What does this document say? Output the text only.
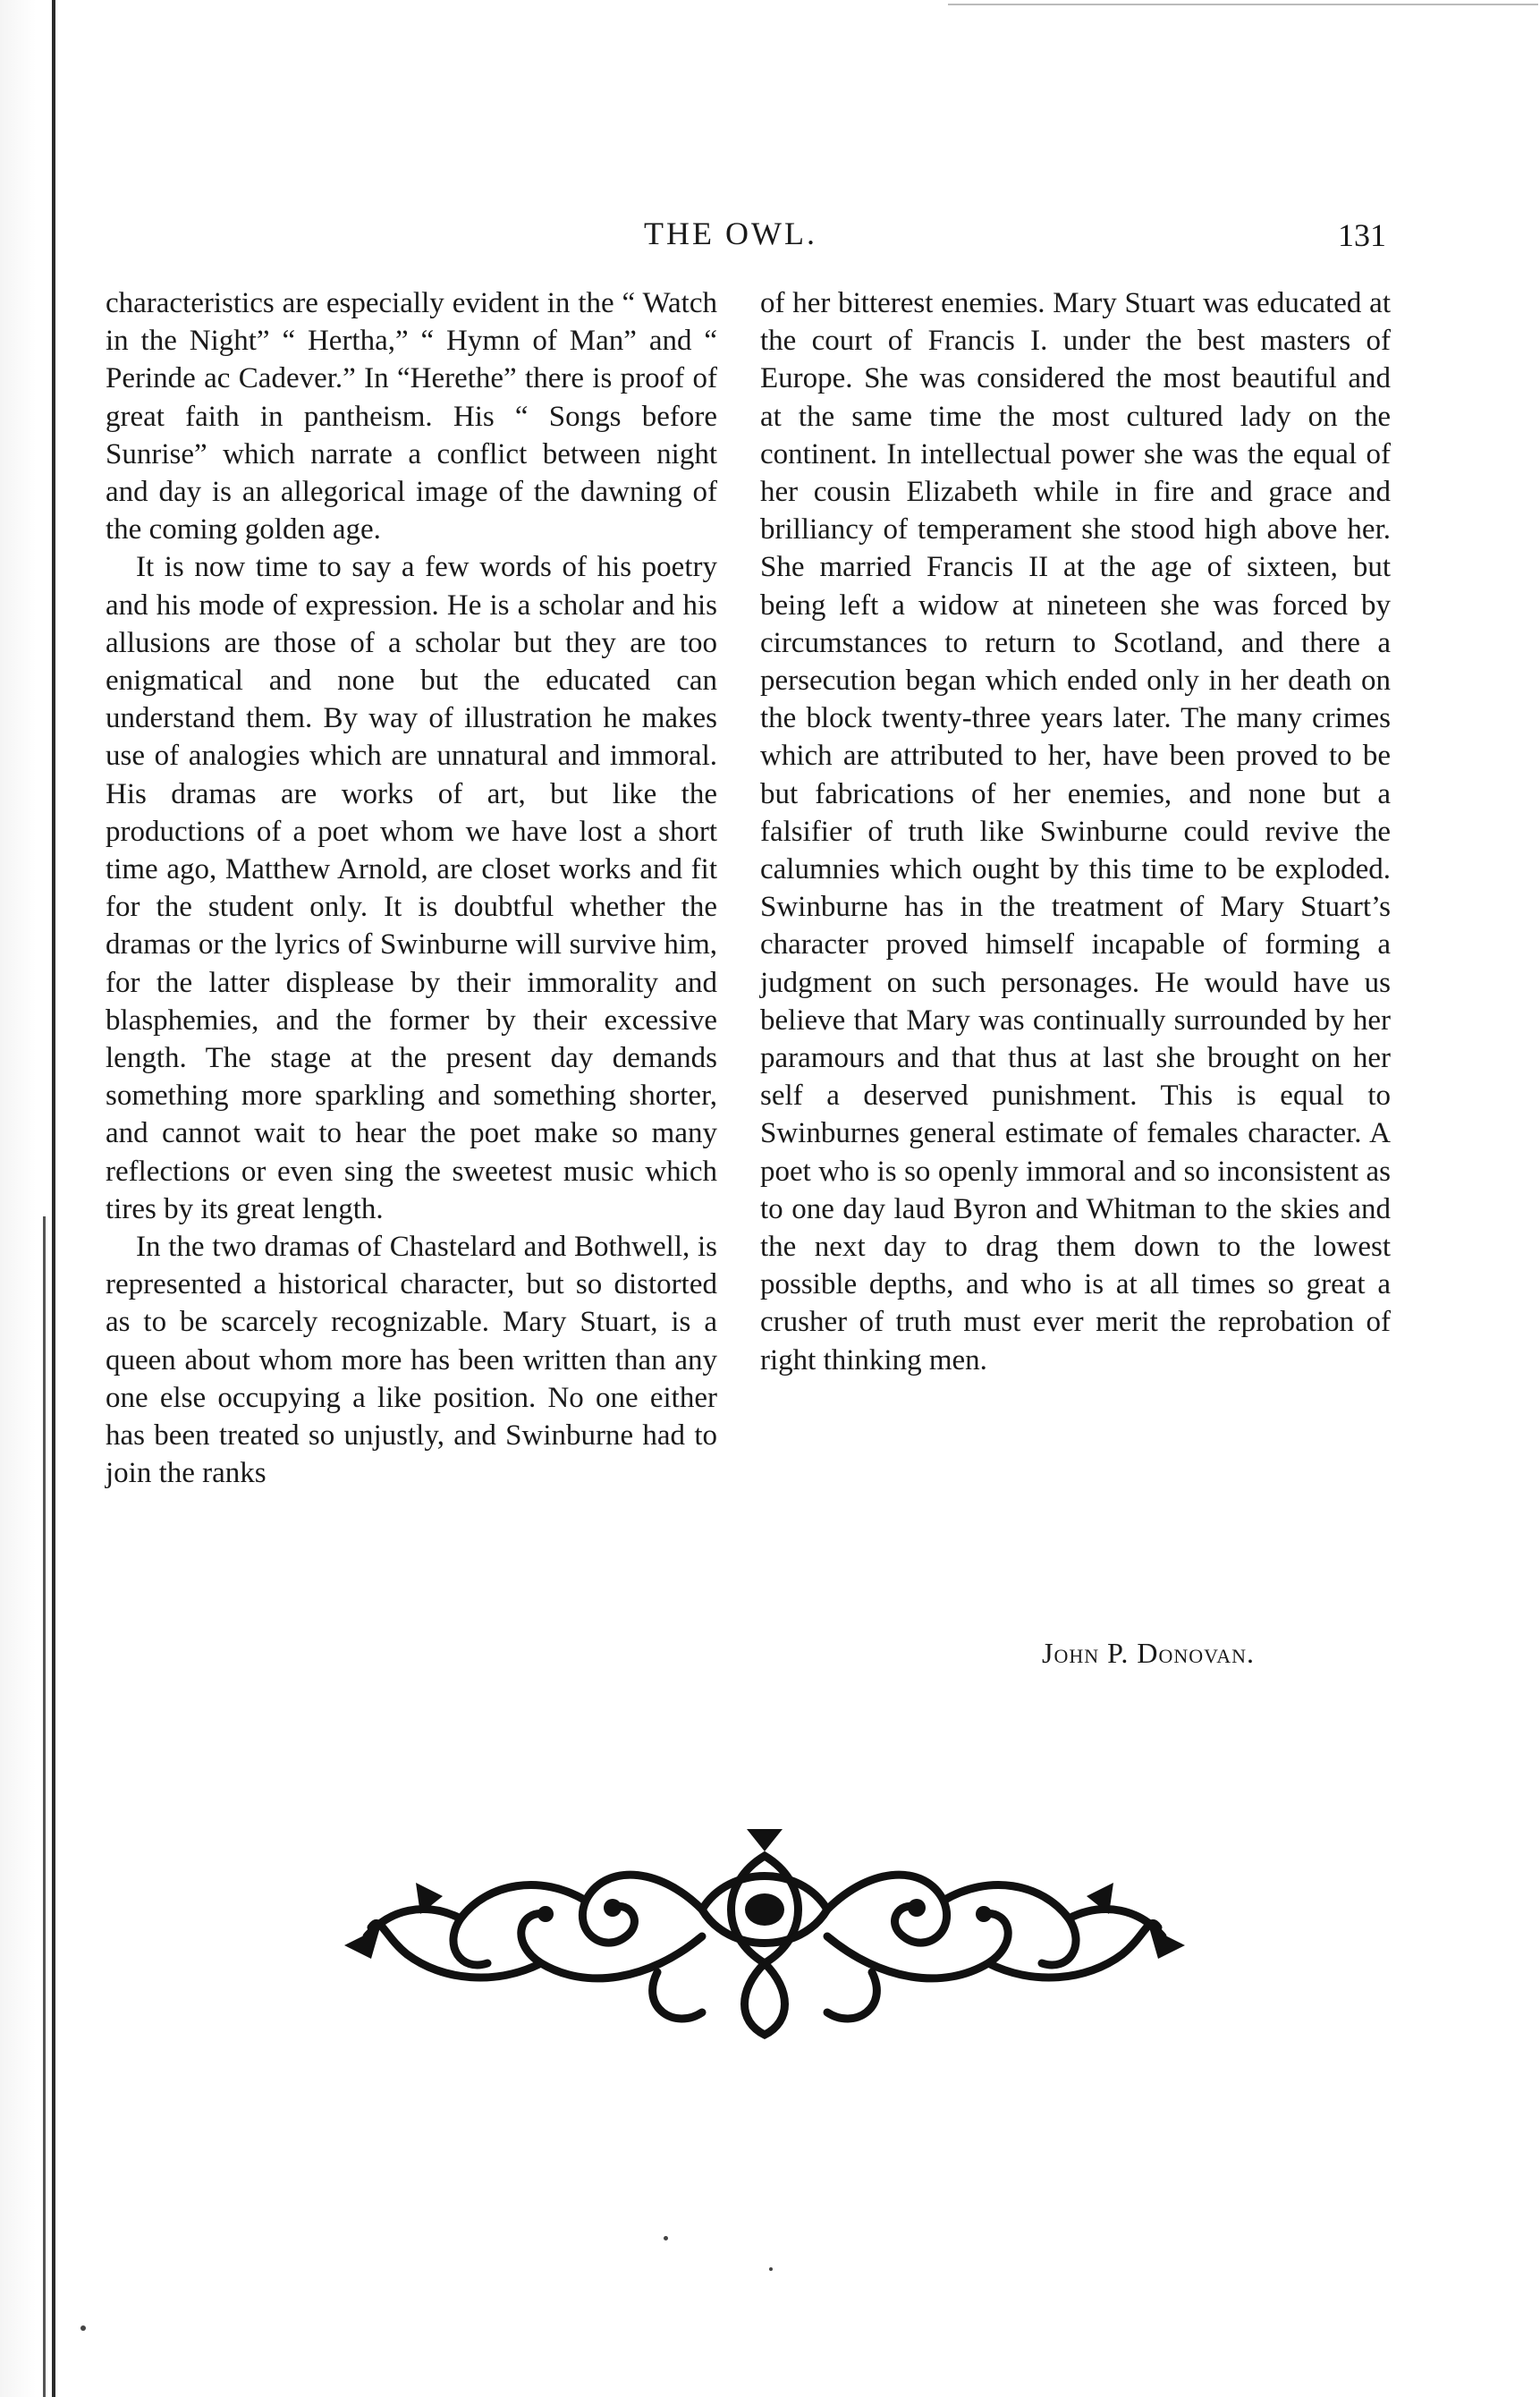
THE OWL.	131

characteristics are especially evident in the “ Watch in the Night” “ Hertha,” “ Hymn of Man” and “ Perinde ac Cadever.” In “Herethe” there is proof of great faith in pantheism. His “ Songs before Sunrise” which narrate a conflict between night and day is an allegorical image of the dawning of the coming golden age.

It is now time to say a few words of his poetry and his mode of expression. He is a scholar and his allusions are those of a scholar but they are too enigmatical and none but the educated can understand them. By way of illustration he makes use of analogies which are unnatural and immoral. His dramas are works of art, but like the productions of a poet whom we have lost a short time ago, Matthew Arnold, are closet works and fit for the student only. It is doubtful whether the dramas or the lyrics of Swinburne will survive him, for the latter displease by their immorality and blasphemies, and the former by their excessive length. The stage at the present day demands something more sparkling and something shorter, and cannot wait to hear the poet make so many reflections or even sing the sweetest music which tires by its great length.

In the two dramas of Chastelard and Bothwell, is represented a historical character, but so distorted as to be scarcely recognizable. Mary Stuart, is a queen about whom more has been written than any one else occupying a like position. No one either has been treated so unjustly, and Swinburne had to join the ranks

of her bitterest enemies. Mary Stuart was educated at the court of Francis I. under the best masters of Europe. She was considered the most beautiful and at the same time the most cultured lady on the continent. In intellectual power she was the equal of her cousin Elizabeth while in fire and grace and brilliancy of temperament she stood high above her. She married Francis II at the age of sixteen, but being left a widow at nineteen she was forced by circumstances to return to Scotland, and there a persecution began which ended only in her death on the block twenty-three years later. The many crimes which are attributed to her, have been proved to be but fabrications of her enemies, and none but a falsifier of truth like Swinburne could revive the calumnies which ought by this time to be exploded. Swinburne has in the treatment of Mary Stuart’s character proved himself incapable of forming a judgment on such personages. He would have us believe that Mary was continually surrounded by her paramours and that thus at last she brought on her self a deserved punishment. This is equal to Swinburnes general estimate of females character. A poet who is so openly immoral and so inconsistent as to one day laud Byron and Whitman to the skies and the next day to drag them down to the lowest possible depths, and who is at all times so great a crusher of truth must ever merit the reprobation of right thinking men.

John P. Donovan.
